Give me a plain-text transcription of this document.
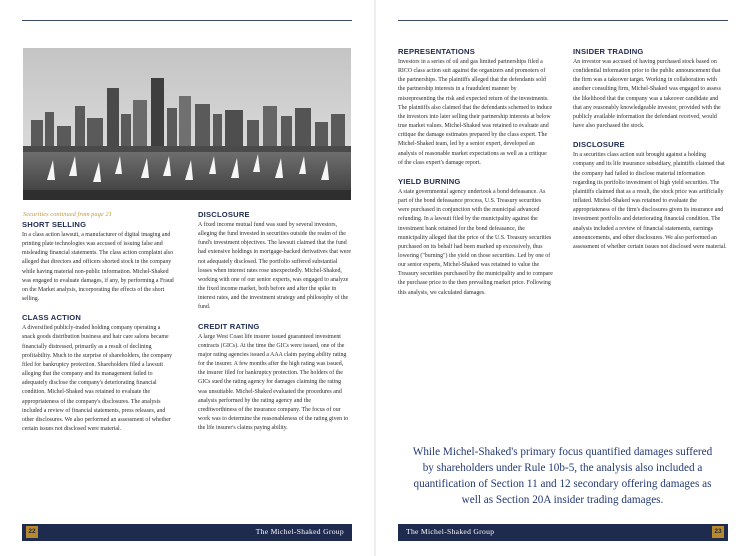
Securities continued from page 21
SHORT SELLING

In a class action lawsuit, a manufacturer of digital imaging and printing plate technologies was accused of issuing false and misleading financial statements. The class action complaint also alleged that directors and officers shorted stock in the company while having material non-public information. Michel-Shaked was engaged to evaluate damages, if any, by performing a Fraud on the Market analysis, incorporating the effects of the short selling.

CLASS ACTION

A diversified publicly-traded holding company operating a snack goods distribution business and hair care salons became financially distressed, primarily as a result of declining profitability. Much to the surprise of shareholders, the company filed for bankruptcy protection. Shareholders filed a lawsuit alleging that the company and its management failed to adequately disclose the company's deteriorating financial condition. Michel-Shaked was retained to evaluate the appropriateness of the company's disclosures. The analysis included a review of financial statements, press releases, and other disclosures. We also performed an assessment of whether certain issues not disclosed were material.

DISCLOSURE

A fixed income mutual fund was sued by several investors, alleging the fund invested in securities outside the realm of the fund's investment objectives. The lawsuit claimed that the fund had extensive holdings in mortgage-backed derivatives that were not adequately disclosed. The portfolio suffered substantial losses when interest rates rose unexpectedly. Michel-Shaked, working with one of our senior experts, was engaged to analyze the fixed income market, both before and after the spike in interest rates, and the investment strategy and philosophy of the fund.

CREDIT RATING

A large West Coast life insurer issued guaranteed investment contracts (GICs). At the time the GICs were issued, one of the major rating agencies issued a AAA claim paying ability rating for the insurer. A few months after the high rating was issued, the insurer filed for bankruptcy protection. The holders of the GICs sued the rating agency for damages claiming the rating was unsuitable. Michel-Shaked evaluated the procedures and analysis performed by the rating agency and the creditworthiness of the insurance company. The focus of our work was to determine the reasonableness of the rating given to the life insurer's claims paying ability.

REPRESENTATIONS

Investors in a series of oil and gas limited partnerships filed a RICO class action suit against the organizers and promoters of the partnerships. The plaintiffs alleged that the defendants sold the partnership interests in a fraudulent manner by misrepresenting the risk and expected return of the investments. The plaintiffs also claimed that the defendants schemed to induce the investors into later selling their partnership interests at below true market values. Michel-Shaked was retained to evaluate and critique the damage estimates prepared by the class expert. The Michel-Shaked team, led by a senior expert, developed an analysis of reasonable market expectations as well as a critique of the class expert's damage report.

YIELD BURNING

A state governmental agency undertook a bond defeasance. As part of the bond defeasance process, U.S. Treasury securities were purchased in conjunction with the municipal advanced refunding. In a lawsuit filed by the municipality against the investment bank retained for the bond defeasance, the municipality alleged that the price of the U.S. Treasury securities purchased on its behalf had been marked up excessively, thus lowering ("burning") the yield on those securities. Led by one of our senior experts, Michel-Shaked was retained to value the Treasury securities purchased by the municipality and to compare the purchase price to the then prevailing market price. Following this analysis, we calculated damages.

INSIDER TRADING

An investor was accused of having purchased stock based on confidential information prior to the public announcement that the firm was a takeover target. Working in collaboration with another consulting firm, Michel-Shaked was engaged to assess the likelihood that the company was a takeover candidate and that any reasonably knowledgeable investor, provided with the publicly available information the defendant received, would have also purchased the stock.

DISCLOSURE

In a securities class action suit brought against a holding company and its life insurance subsidiary, plaintiffs claimed that the company had failed to disclose material information regarding its portfolio investment of high yield securities. The plaintiffs claimed that as a result, the stock price was artificially inflated. Michel-Shaked was retained to evaluate the appropriateness of the firm's disclosures given its insurance and investment portfolio and deteriorating financial condition. The analysis included a review of financial statements, earnings announcements, and other disclosures. We also performed an assessment of whether certain issues not disclosed were material.

While Michel-Shaked's primary focus quantified damages suffered by shareholders under Rule 10b-5, the analysis also included a quantification of Section 11 and 12 secondary offering damages as well as Section 20A insider trading damages.
22	The Michel-Shaked Group	The Michel-Shaked Group	23
